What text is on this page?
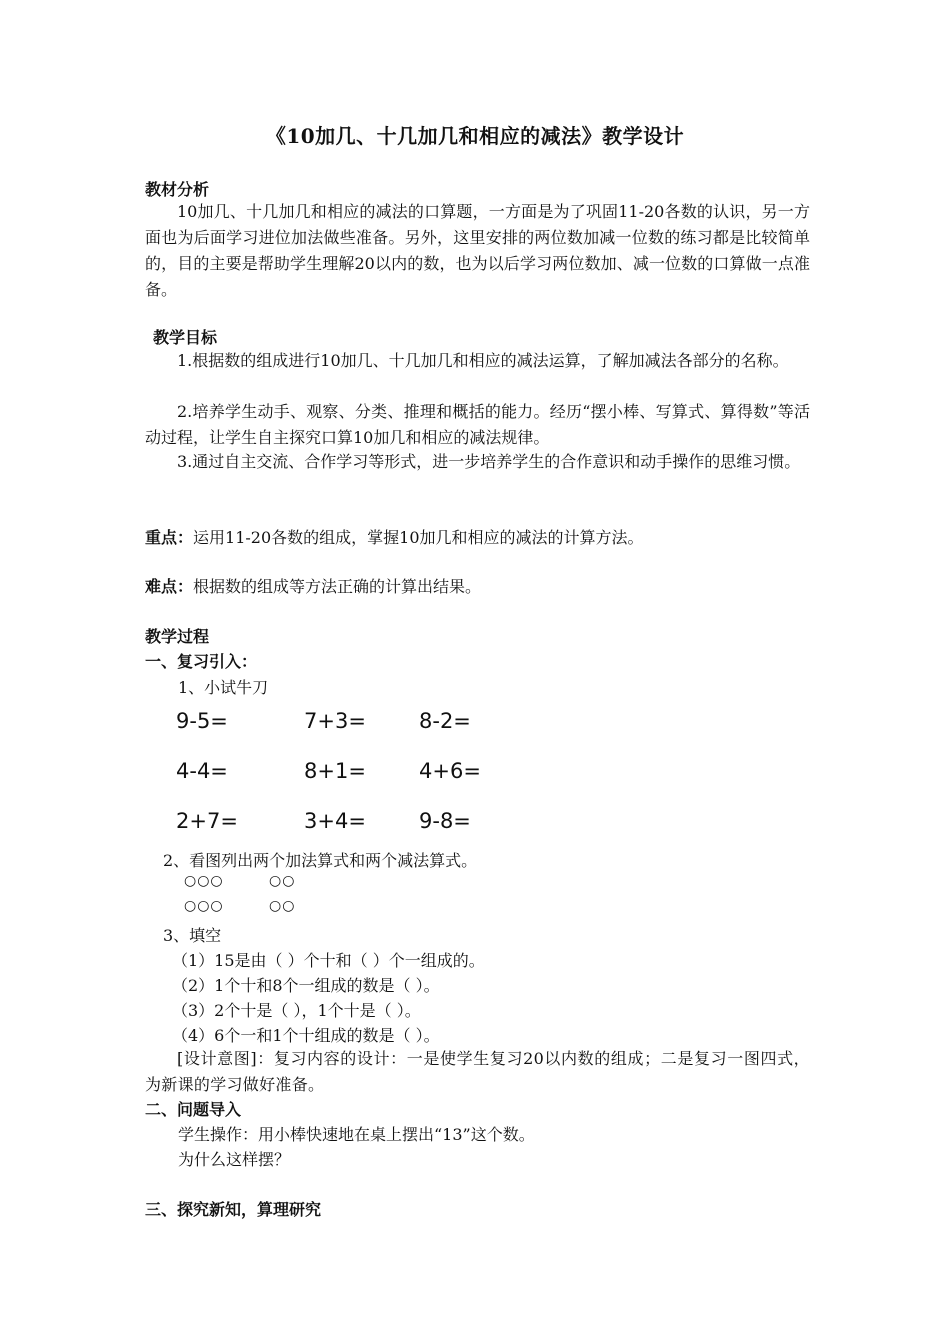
《10加几、十几加几和相应的减法》教学设计
教材分析
10加几、十几加几和相应的减法的口算题，一方面是为了巩固11-20各数的认识，另一方面也为后面学习进位加法做些准备。另外，这里安排的两位数加减一位数的练习都是比较简单的，目的主要是帮助学生理解20以内的数，也为以后学习两位数加、减一位数的口算做一点准备。
教学目标
1.根据数的组成进行10加几、十几加几和相应的减法运算，了解加减法各部分的名称。
2.培养学生动手、观察、分类、推理和概括的能力。经历“摆小棒、写算式、算得数”等活动过程，让学生自主探究口算10加几和相应的减法规律。
3.通过自主交流、合作学习等形式，进一步培养学生的合作意识和动手操作的思维习惯。
重点：运用11-20各数的组成，掌握10加几和相应的减法的计算方法。
难点：根据数的组成等方法正确的计算出结果。
教学过程
一、复习引入：
1、小试牛刀
9-5=	7+3=	8-2=
4-4=	8+1=	4+6=
2+7=	3+4=	9-8=
2、看图列出两个加法算式和两个减法算式。
○○○	○○
○○○	○○
3、填空
（1）15是由（ ）个十和（ ）个一组成的。
（2）1个十和8个一组成的数是（ ）。
（3）2个十是（ ），1个十是（ ）。
（4）6个一和1个十组成的数是（ ）。
[设计意图]：复习内容的设计：一是使学生复习20以内数的组成；二是复习一图四式，为新课的学习做好准备。
二、问题导入
学生操作：用小棒快速地在桌上摆出“13”这个数。
为什么这样摆？
三、探究新知，算理研究
